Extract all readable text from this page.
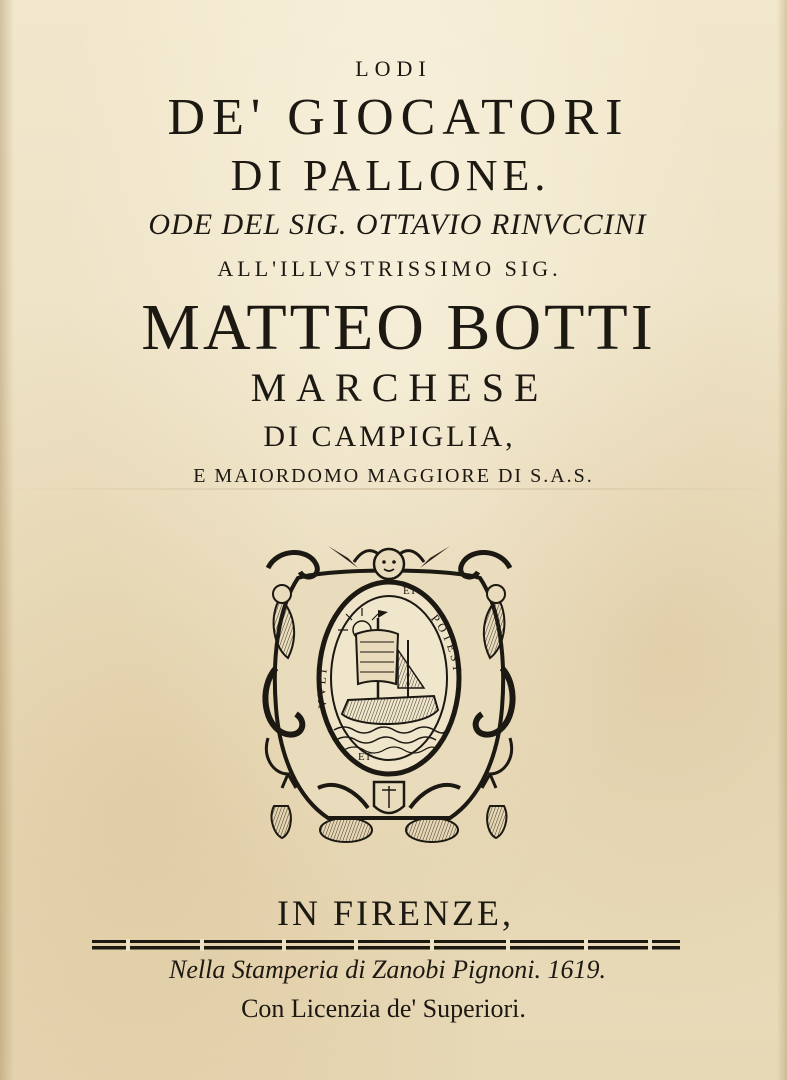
LODI
DE' GIOCATORI
DI PALLONE.
ODE DEL SIG. OTTAVIO RINVCCINI
ALL'ILLVSTRISSIMO SIG.
MATTEO BOTTI
MARCHESE
DI CAMPIGLIA,
E MAIORDOMO MAGGIORE DI S.A.S.
VVLT
POTEST
ET
ET
IN FIRENZE,
Nella Stamperia di Zanobi Pignoni. 1619.
Con Licenzia de' Superiori.
